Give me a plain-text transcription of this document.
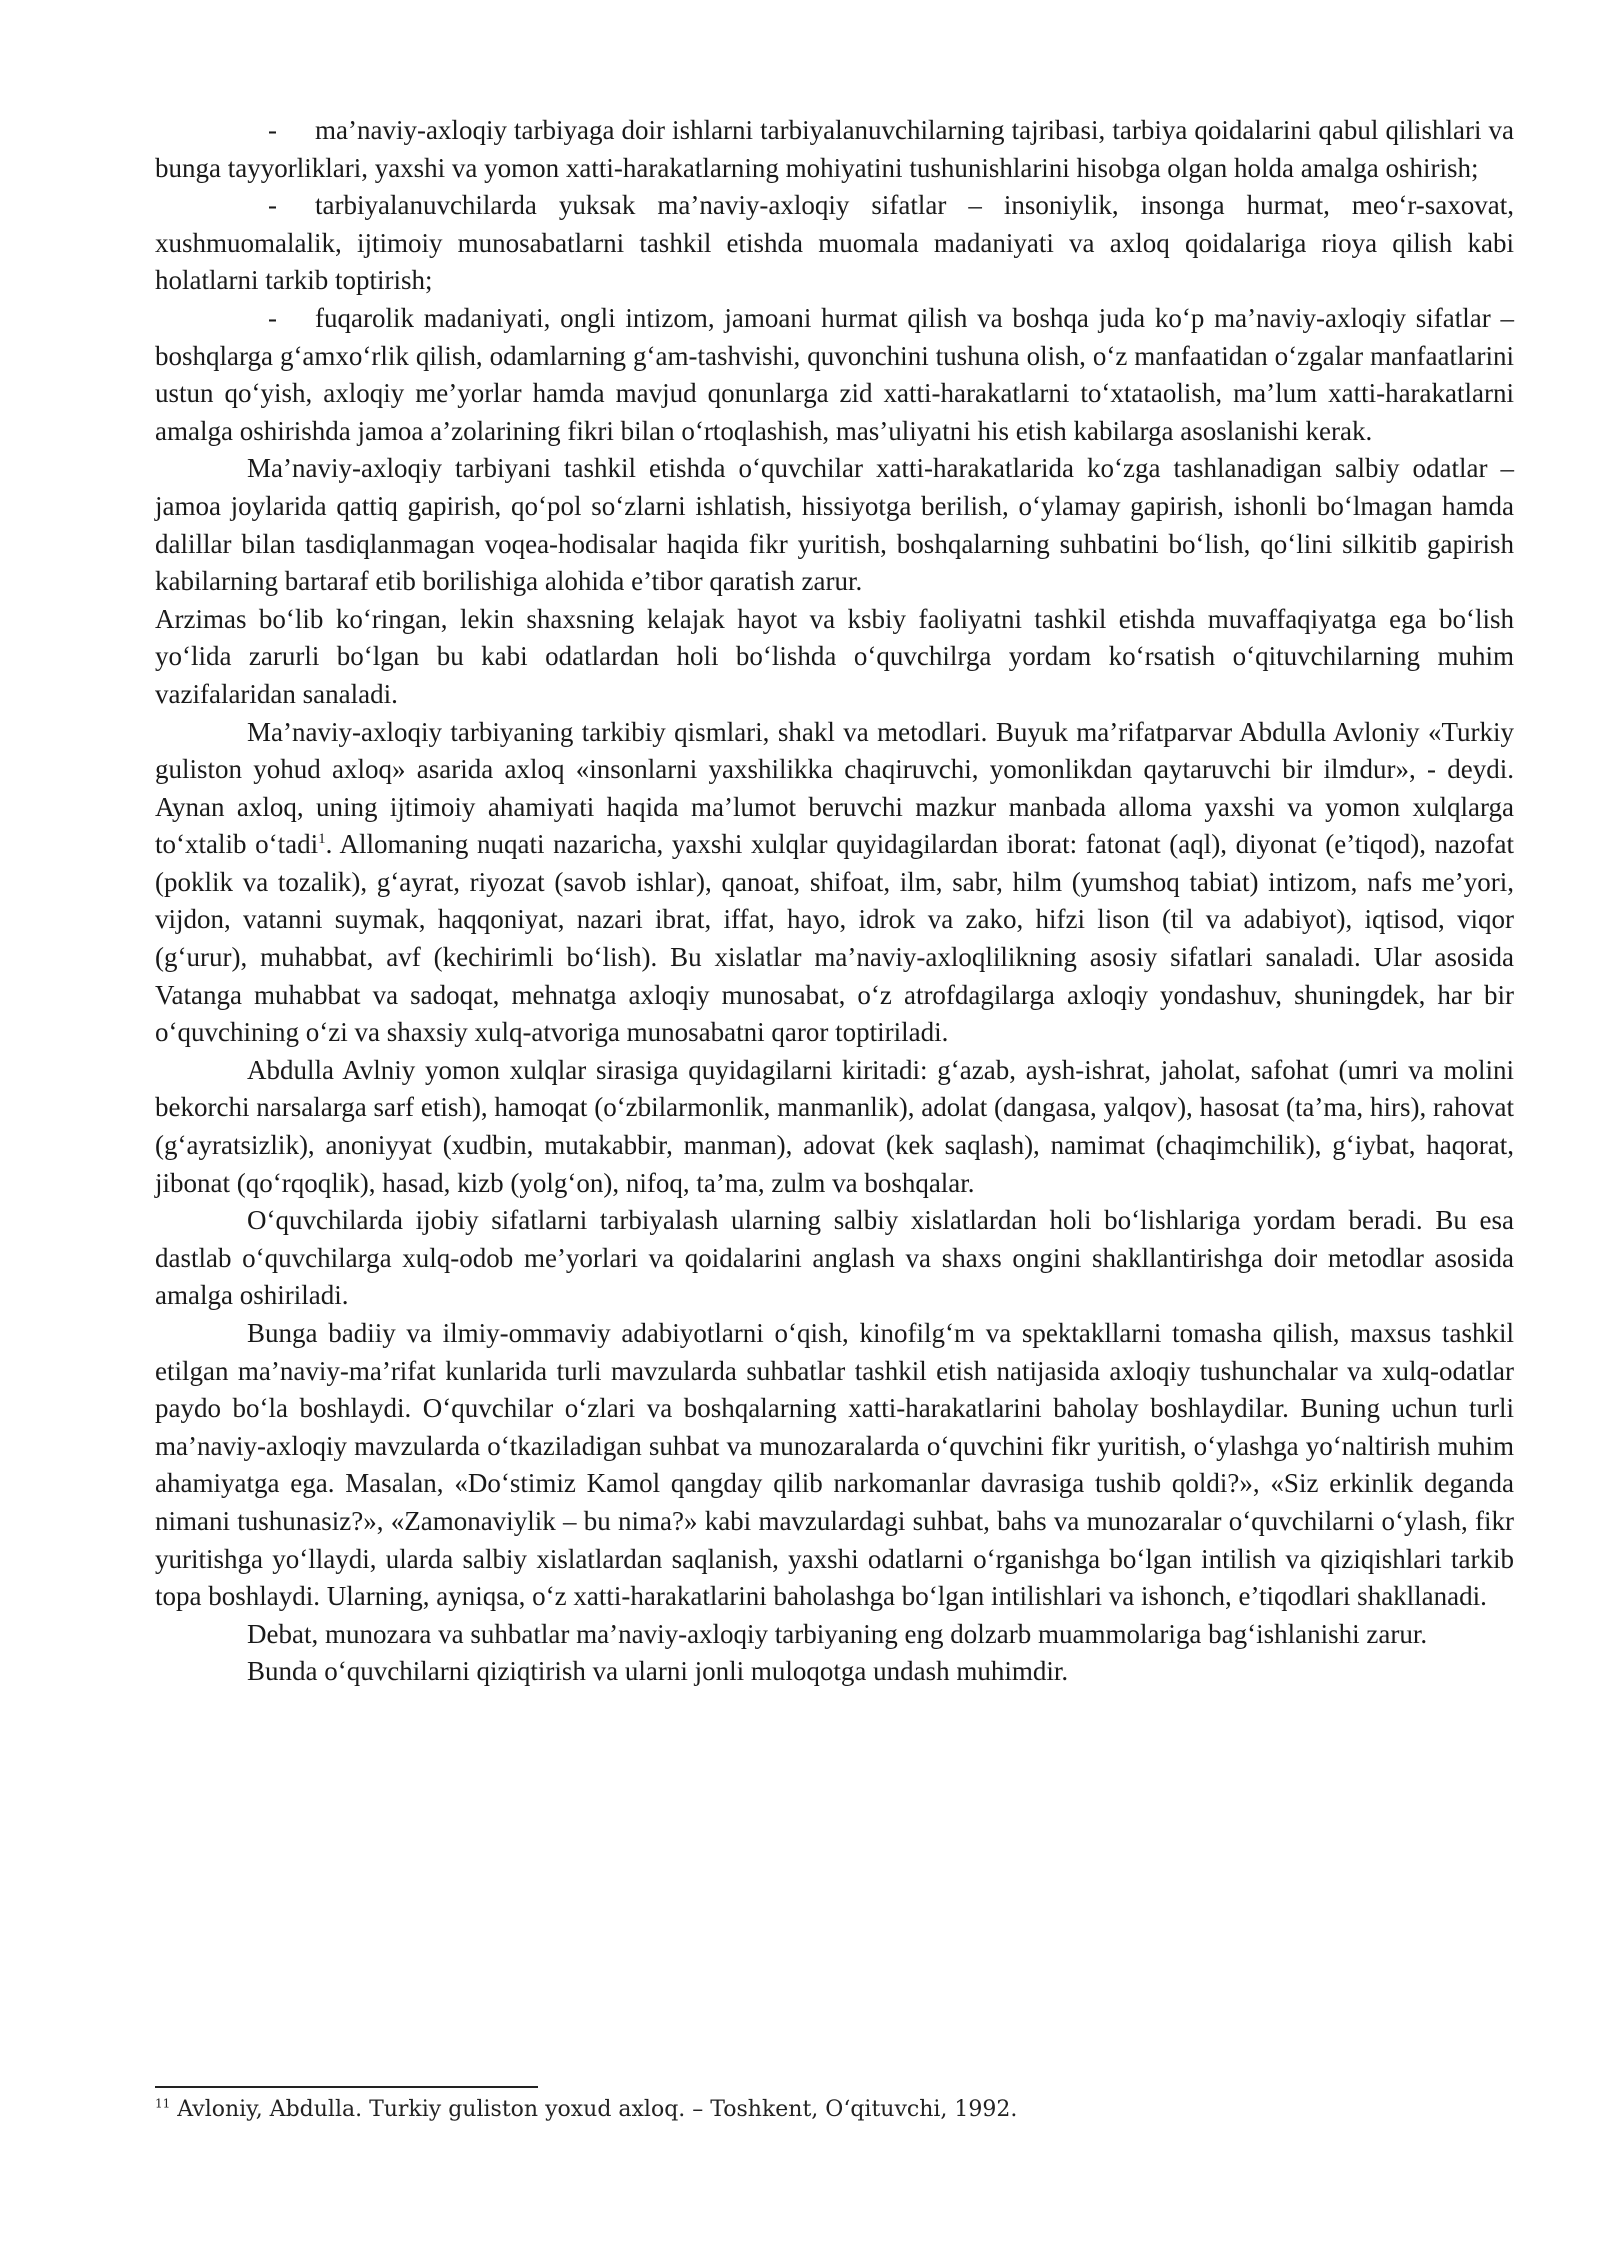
- ma’naviy-axloqiy tarbiyaga doir ishlarni tarbiyalanuvchilarning tajribasi, tarbiya qoidalarini qabul qilishlari va bunga tayyorliklari, yaxshi va yomon xatti-harakatlarning mohiyatini tushunishlarini hisobga olgan holda amalga oshirish;

- tarbiyalanuvchilarda yuksak ma’naviy-axloqiy sifatlar – insoniylik, insonga hurmat, meo‘r-saxovat, xushmuomalalik, ijtimoiy munosabatlarni tashkil etishda muomala madaniyati va axloq qoidalariga rioya qilish kabi holatlarni tarkib toptirish;

- fuqarolik madaniyati, ongli intizom, jamoani hurmat qilish va boshqa juda ko‘p ma’naviy-axloqiy sifatlar – boshqlarga g‘amxo‘rlik qilish, odamlarning g‘am-tashvishi, quvonchini tushuna olish, o‘z manfaatidan o‘zgalar manfaatlarini ustun qo‘yish, axloqiy me’yorlar hamda mavjud qonunlarga zid xatti-harakatlarni to‘xtataolish, ma’lum xatti-harakatlarni amalga oshirishda jamoa a’zolarining fikri bilan o‘rtoqlashish, mas’uliyatni his etish kabilarga asoslanishi kerak.

Ma’naviy-axloqiy tarbiyani tashkil etishda o‘quvchilar xatti-harakatlarida ko‘zga tashlanadigan salbiy odatlar – jamoa joylarida qattiq gapirish, qo‘pol so‘zlarni ishlatish, hissiyotga berilish, o‘ylamay gapirish, ishonli bo‘lmagan hamda dalillar bilan tasdiqlanmagan voqea-hodisalar haqida fikr yuritish, boshqalarning suhbatini bo‘lish, qo‘lini silkitib gapirish kabilarning bartaraf etib borilishiga alohida e’tibor qaratish zarur.

Arzimas bo‘lib ko‘ringan, lekin shaxsning kelajak hayot va ksbiy faoliyatni tashkil etishda muvaffaqiyatga ega bo‘lish yo‘lida zarurli bo‘lgan bu kabi odatlardan holi bo‘lishda o‘quvchilrga yordam ko‘rsatish o‘qituvchilarning muhim vazifalaridan sanaladi.

Ma’naviy-axloqiy tarbiyaning tarkibiy qismlari, shakl va metodlari. Buyuk ma’rifatparvar Abdulla Avloniy «Turkiy guliston yohud axloq» asarida axloq «insonlarni yaxshilikka chaqiruvchi, yomonlikdan qaytaruvchi bir ilmdur», - deydi. Aynan axloq, uning ijtimoiy ahamiyati haqida ma’lumot beruvchi mazkur manbada alloma yaxshi va yomon xulqlarga to‘xtalib o‘tadi$^1$. Allomaning nuqati nazaricha, yaxshi xulqlar quyidagilardan iborat: fatonat (aql), diyonat (e’tiqod), nazofat (poklik va tozalik), g‘ayrat, riyozat (savob ishlar), qanoat, shifoat, ilm, sabr, hilm (yumshoq tabiat) intizom, nafs me’yori, vijdon, vatanni suymak, haqqoniyat, nazari ibrat, iffat, hayo, idrok va zako, hifzi lison (til va adabiyot), iqtisod, viqor (g‘urur), muhabbat, avf (kechirimli bo‘lish). Bu xislatlar ma’naviy-axloqlilikning asosiy sifatlari sanaladi. Ular asosida Vatanga muhabbat va sadoqat, mehnatga axloqiy munosabat, o‘z atrofdagilarga axloqiy yondashuv, shuningdek, har bir o‘quvchining o‘zi va shaxsiy xulq-atvoriga munosabatni qaror toptiriladi.

Abdulla Avlniy yomon xulqlar sirasiga quyidagilarni kiritadi: g‘azab, aysh-ishrat, jaholat, safohat (umri va molini bekorchi narsalarga sarf etish), hamoqat (o‘zbilarmonlik, manmanlik), adolat (dangasa, yalqov), hasosat (ta’ma, hirs), rahovat (g‘ayratsizlik), anoniyyat (xudbin, mutakabbir, manman), adovat (kek saqlash), namimat (chaqimchilik), g‘iybat, haqorat, jibonat (qo‘rqoqlik), hasad, kizb (yolg‘on), nifoq, ta’ma, zulm va boshqalar.

O‘quvchilarda ijobiy sifatlarni tarbiyalash ularning salbiy xislatlardan holi bo‘lishlariga yordam beradi. Bu esa dastlab o‘quvchilarga xulq-odob me’yorlari va qoidalarini anglash va shaxs ongini shakllantirishga doir metodlar asosida amalga oshiriladi.

Bunga badiiy va ilmiy-ommaviy adabiyotlarni o‘qish, kinofilg‘m va spektakllarni tomasha qilish, maxsus tashkil etilgan ma’naviy-ma’rifat kunlarida turli mavzularda suhbatlar tashkil etish natijasida axloqiy tushunchalar va xulq-odatlar paydo bo‘la boshlaydi. O‘quvchilar o‘zlari va boshqalarning xatti-harakatlarini baholay boshlaydilar. Buning uchun turli ma’naviy-axloqiy mavzularda o‘tkaziladigan suhbat va munozaralarda o‘quvchini fikr yuritish, o‘ylashga yo‘naltirish muhim ahamiyatga ega. Masalan, «Do‘stimiz Kamol qangday qilib narkomanlar davrasiga tushib qoldi?», «Siz erkinlik deganda nimani tushunasiz?», «Zamonaviylik – bu nima?» kabi mavzulardagi suhbat, bahs va munozaralar o‘quvchilarni o‘ylash, fikr yuritishga yo‘llaydi, ularda salbiy xislatlardan saqlanish, yaxshi odatlarni o‘rganishga bo‘lgan intilish va qiziqishlari tarkib topa boshlaydi. Ularning, ayniqsa, o‘z xatti-harakatlarini baholashga bo‘lgan intilishlari va ishonch, e’tiqodlari shakllanadi.

Debat, munozara va suhbatlar ma’naviy-axloqiy tarbiyaning eng dolzarb muammolariga bag‘ishlanishi zarur.

Bunda o‘quvchilarni qiziqtirish va ularni jonli muloqotga undash muhimdir.

$^{11}$ Avloniy, Abdulla. Turkiy guliston yoxud axloq. – Toshkent, O‘qituvchi, 1992.
